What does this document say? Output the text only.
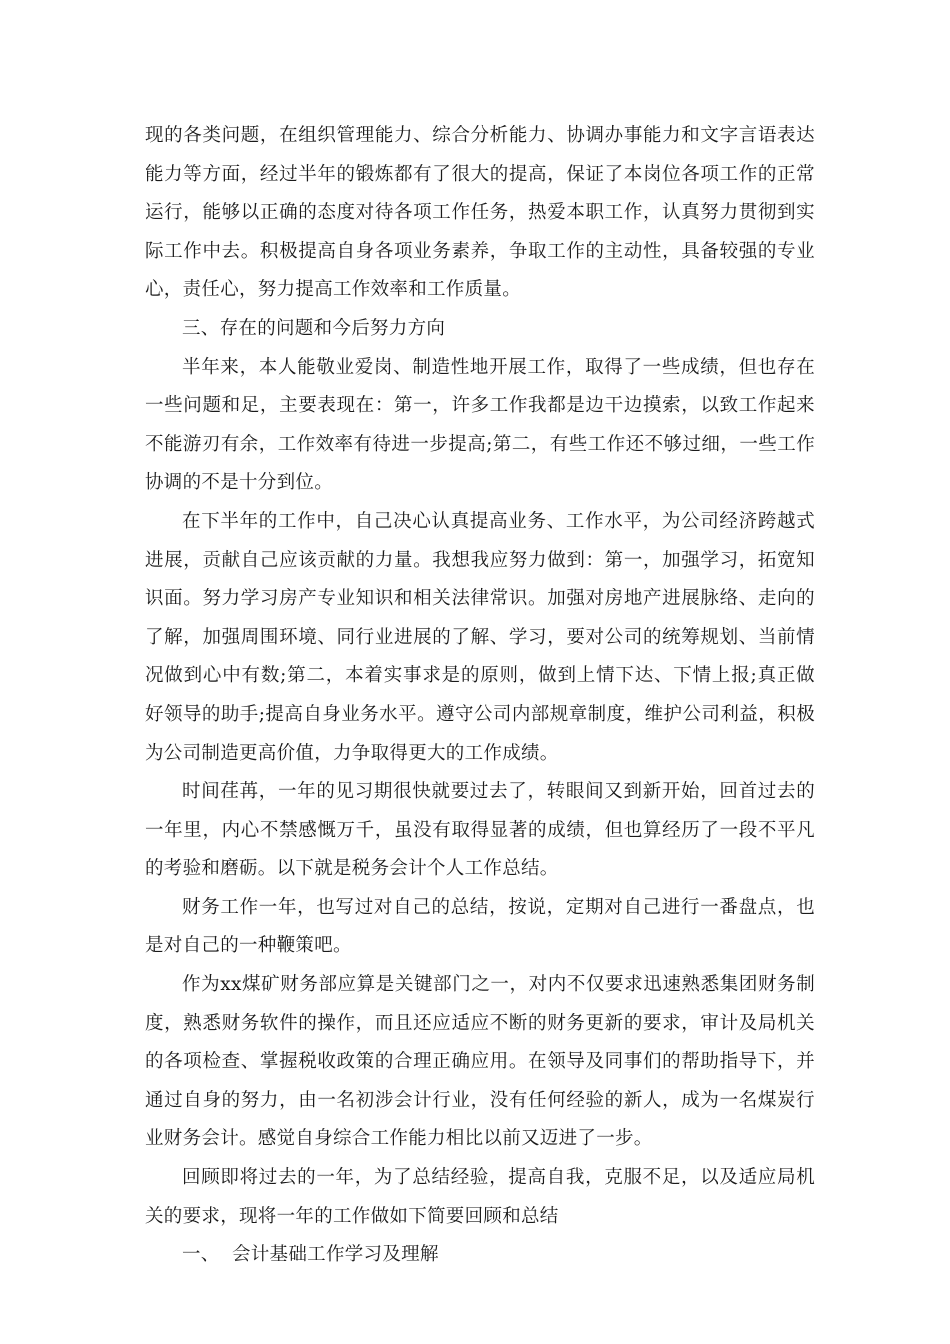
现的各类问题，在组织管理能力、综合分析能力、协调办事能力和文字言语表达能力等方面，经过半年的锻炼都有了很大的提高，保证了本岗位各项工作的正常运行，能够以正确的态度对待各项工作任务，热爱本职工作，认真努力贯彻到实际工作中去。积极提高自身各项业务素养，争取工作的主动性，具备较强的专业心，责任心，努力提高工作效率和工作质量。

三、存在的问题和今后努力方向

半年来，本人能敬业爱岗、制造性地开展工作，取得了一些成绩，但也存在一些问题和足，主要表现在：第一，许多工作我都是边干边摸索，以致工作起来不能游刃有余，工作效率有待进一步提高;第二，有些工作还不够过细，一些工作协调的不是十分到位。

在下半年的工作中，自己决心认真提高业务、工作水平，为公司经济跨越式进展，贡献自己应该贡献的力量。我想我应努力做到：第一，加强学习，拓宽知识面。努力学习房产专业知识和相关法律常识。加强对房地产进展脉络、走向的了解，加强周围环境、同行业进展的了解、学习，要对公司的统筹规划、当前情况做到心中有数;第二，本着实事求是的原则，做到上情下达、下情上报;真正做好领导的助手;提高自身业务水平。遵守公司内部规章制度，维护公司利益，积极为公司制造更高价值，力争取得更大的工作成绩。

时间荏苒，一年的见习期很快就要过去了，转眼间又到新开始，回首过去的一年里，内心不禁感慨万千，虽没有取得显著的成绩，但也算经历了一段不平凡的考验和磨砺。以下就是税务会计个人工作总结。

财务工作一年，也写过对自己的总结，按说，定期对自己进行一番盘点，也是对自己的一种鞭策吧。

作为xx煤矿财务部应算是关键部门之一，对内不仅要求迅速熟悉集团财务制度，熟悉财务软件的操作，而且还应适应不断的财务更新的要求，审计及局机关的各项检查、掌握税收政策的合理正确应用。在领导及同事们的帮助指导下，并通过自身的努力，由一名初涉会计行业，没有任何经验的新人，成为一名煤炭行业财务会计。感觉自身综合工作能力相比以前又迈进了一步。

回顾即将过去的一年，为了总结经验，提高自我，克服不足，以及适应局机关的要求，现将一年的工作做如下简要回顾和总结

一、  会计基础工作学习及理解
